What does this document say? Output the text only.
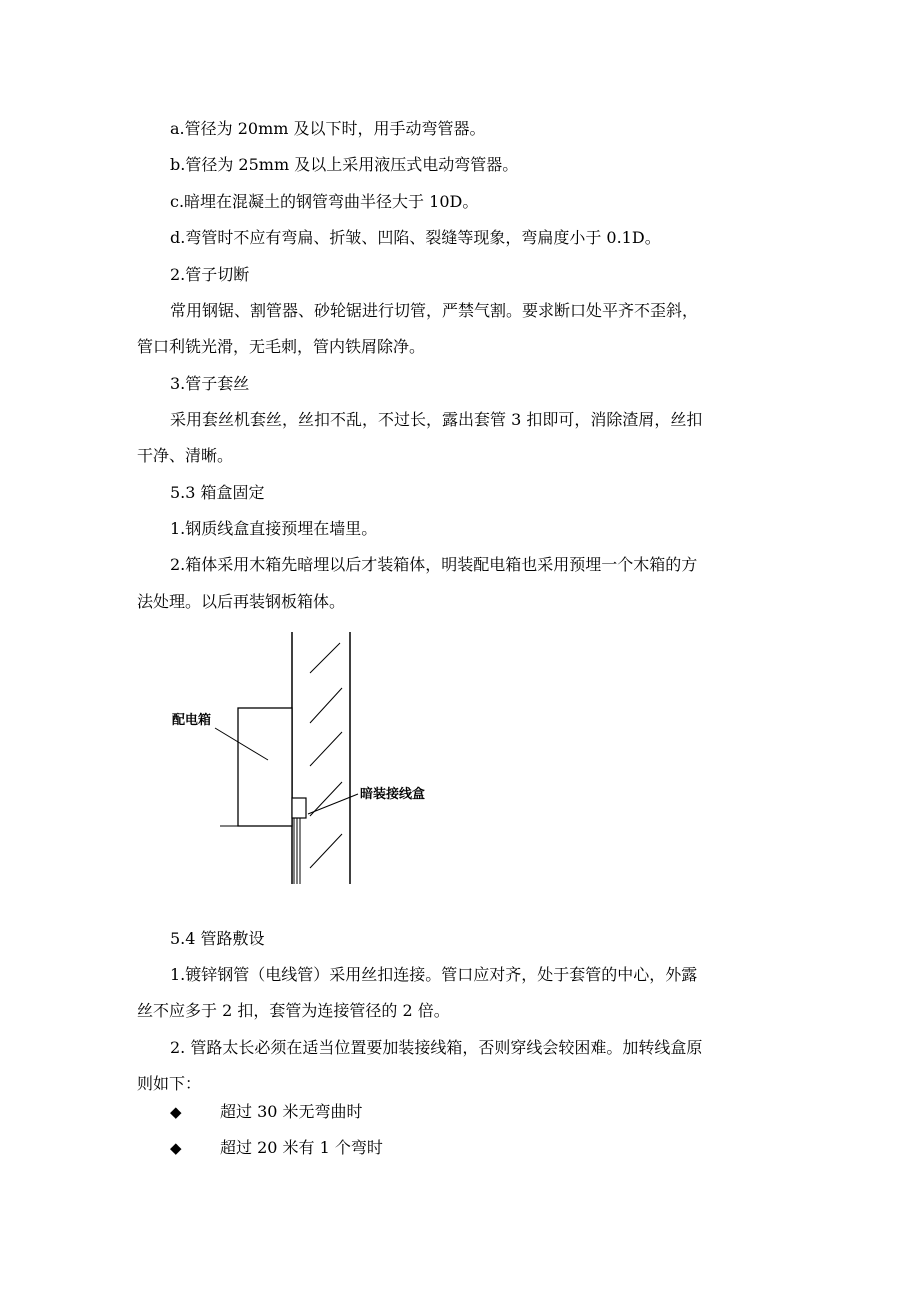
a.管径为 20mm 及以下时，用手动弯管器。
b.管径为 25mm 及以上采用液压式电动弯管器。
c.暗埋在混凝土的钢管弯曲半径大于 10D。
d.弯管时不应有弯扁、折皱、凹陷、裂缝等现象，弯扁度小于 0.1D。
2.管子切断
常用钢锯、割管器、砂轮锯进行切管，严禁气割。要求断口处平齐不歪斜，
管口利铣光滑，无毛刺，管内铁屑除净。
3.管子套丝
采用套丝机套丝，丝扣不乱，不过长，露出套管 3 扣即可，消除渣屑，丝扣
干净、清晰。
5.3 箱盒固定
1.钢质线盒直接预埋在墙里。
2.箱体采用木箱先暗埋以后才装箱体，明装配电箱也采用预埋一个木箱的方
法处理。以后再装钢板箱体。
配电箱
暗装接线盒
5.4 管路敷设
1.镀锌钢管（电线管）采用丝扣连接。管口应对齐，处于套管的中心，外露
丝不应多于 2 扣，套管为连接管径的 2 倍。
2. 管路太长必须在适当位置要加装接线箱，否则穿线会较困难。加转线盒原
则如下：
◆ 超过 30 米无弯曲时
◆ 超过 20 米有 1 个弯时
